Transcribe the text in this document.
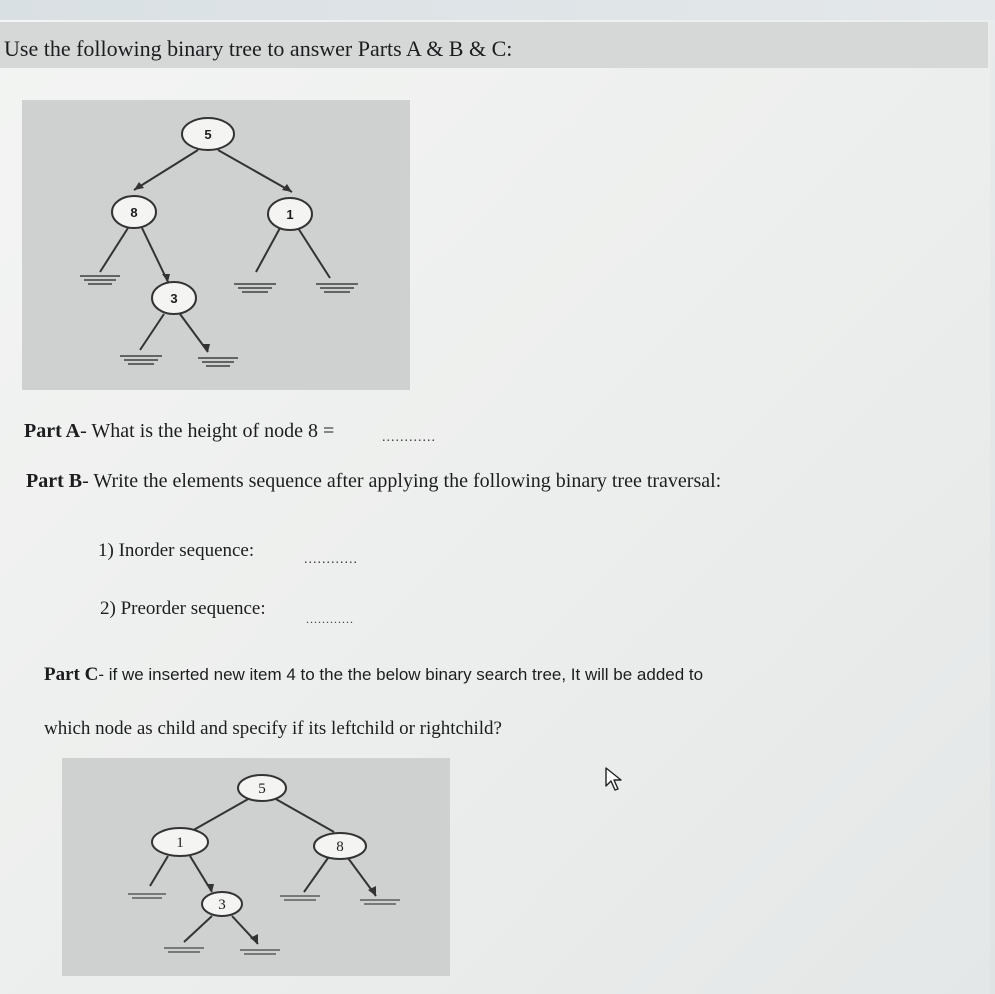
Use the following binary tree to answer Parts A & B & C:
5
8	1
3
Part A- What is the height of node 8 =	............
Part B- Write the elements sequence after applying the following binary tree traversal:
1) Inorder sequence:	............
2) Preorder sequence:	............
Part C- if we inserted new item 4 to the the below binary search tree, It will be added to
which node as child and specify if its leftchild or rightchild?
5
1	8
3
